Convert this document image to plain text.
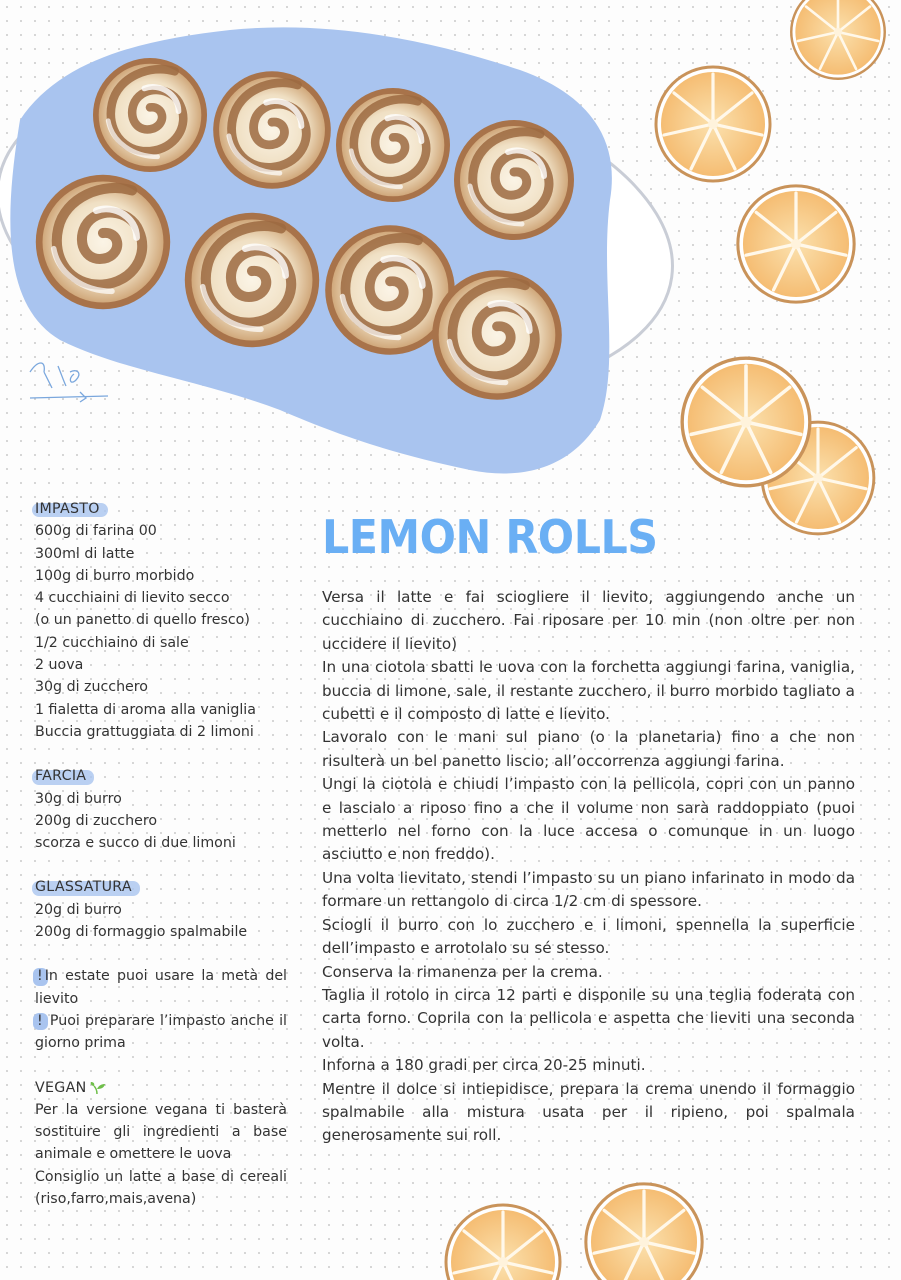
IMPASTO
600g di farina 00
300ml di latte
100g di burro morbido
4 cucchiaini di lievito secco
(o un panetto di quello fresco)
1/2 cucchiaino di sale
2 uova
30g di zucchero
1 fialetta di aroma alla vaniglia
Buccia grattuggiata di 2 limoni
FARCIA
30g di burro
200g di zucchero
scorza e succo di due limoni
GLASSATURA
20g di burro
200g di formaggio spalmabile
! In estate puoi usare la metà del lievito
! Puoi preparare l’impasto anche il giorno prima
VEGAN
Per la versione vegana ti basterà sostituire gli ingredienti a base animale e omettere le uova
Consiglio un latte a base di cereali (riso,farro,mais,avena)
LEMON ROLLS

Versa il latte e fai sciogliere il lievito, aggiungendo anche un cucchiaino di zucchero. Fai riposare per 10 min (non oltre per non uccidere il lievito)

In una ciotola sbatti le uova con la forchetta aggiungi farina, vaniglia, buccia di limone, sale, il restante zucchero, il burro morbido tagliato a cubetti e il composto di latte e lievito.

Lavoralo con le mani sul piano (o la planetaria) fino a che non risulterà un bel panetto liscio; all’occorrenza aggiungi farina.

Ungi la ciotola e chiudi l’impasto con la pellicola, copri con un panno e lascialo a riposo fino a che il volume non sarà raddoppiato (puoi metterlo nel forno con la luce accesa o comunque in un luogo asciutto e non freddo).

Una volta lievitato, stendi l’impasto su un piano infarinato in modo da formare un rettangolo di circa 1/2 cm di spessore.

Sciogli il burro con lo zucchero e i limoni, spennella la superficie dell’impasto e arrotolalo su sé stesso.

Conserva la rimanenza per la crema.

Taglia il rotolo in circa 12 parti e disponile su una teglia foderata con carta forno. Coprila con la pellicola e aspetta che lieviti una seconda volta.

Inforna a 180 gradi per circa 20-25 minuti.

Mentre il dolce si intiepidisce, prepara la crema unendo il formaggio spalmabile alla mistura usata per il ripieno, poi spalmala generosamente sui roll.
